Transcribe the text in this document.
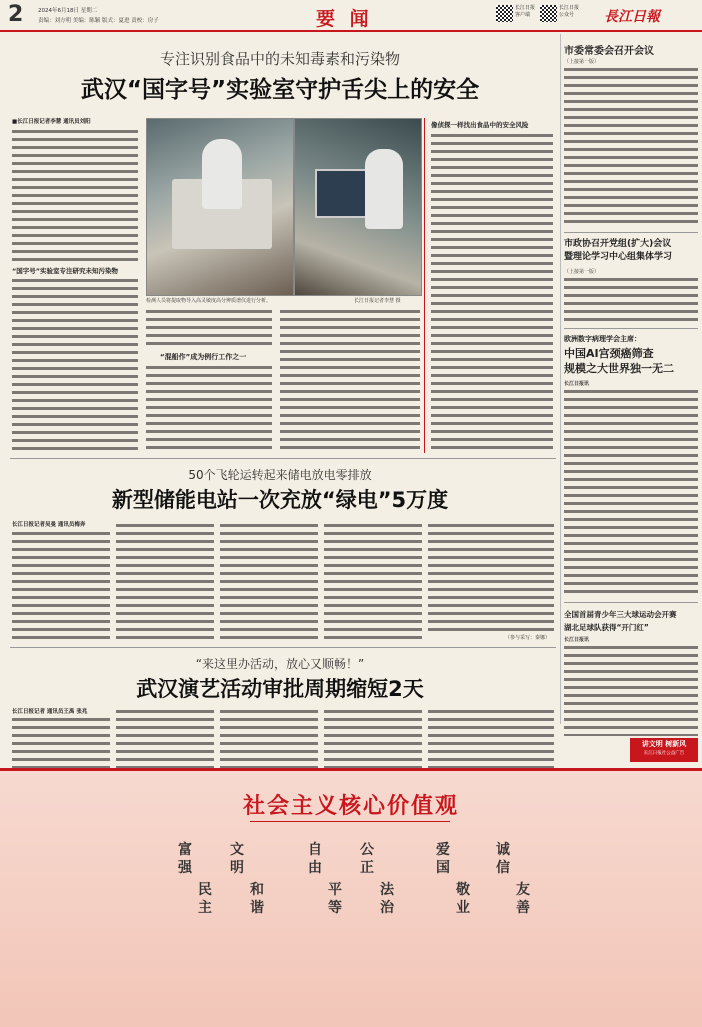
2	2024年6月18日 星期二
责编：刘方明 美编：陈颖 版式：夏进 责校：房子	要 闻	长江日报
客户端
长江日报
公众号	長江日報
专注识别食品中的未知毒素和污染物
武汉“国字号”实验室守护舌尖上的安全
■长江日报记者李慧 通讯员刘阳
“国字号”实验室专注研究未知污染物
检测人员将提取物导入高灵敏度高分辨质谱仪进行分析。	长江日报记者李慧 摄
“混船作”成为例行工作之一
像侦探一样找出食品中的安全风险
50个飞轮运转起来储电放电零排放
新型储能电站一次充放“绿电”5万度
长江日报记者吴曼 通讯员梅奔
（参与采写：秦娜）
“来这里办活动，放心又顺畅！”
武汉演艺活动审批周期缩短2天
长江日报记者 通讯员王禹 张兆
市委常委会召开会议
（上接第一版）
市政协召开党组(扩大)会议
暨理论学习中心组集体学习
（上接第一版）
欧洲数字病理学会主席：
中国AI宫颈癌筛查
规模之大世界独一无二
长江日报讯
全国首届青少年三大球运动会开赛
湖北足球队获得“开门红”
长江日报讯
讲文明 树新风
长江日报社公益广告
社会主义核心价值观
富强
民主
文明
和谐
自由
平等
公正
法治
爱国
敬业
诚信
友善
